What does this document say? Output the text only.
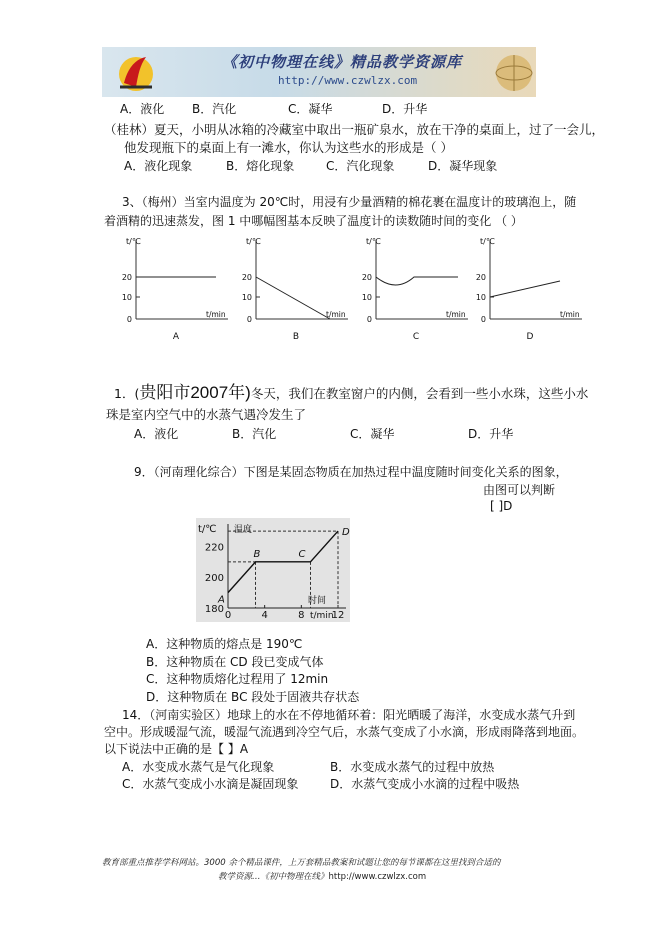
《初中物理在线》精品教学资源库
http://www.czwlzx.com
A．液化 B．汽化	C．凝华	D．升华
（桂林）夏天，小明从冰箱的冷藏室中取出一瓶矿泉水，放在干净的桌面上，过了一会儿，
他发现瓶下的桌面上有一滩水，你认为这些水的形成是（ ）
A．液化现象	B．熔化现象	C．汽化现象	D．凝华现象
3、（梅州）当室内温度为 20℃时，用浸有少量酒精的棉花裹在温度计的玻璃泡上，随
着酒精的迅速蒸发，图 1 中哪幅图基本反映了温度计的读数随时间的变化 （ ）
t/℃
t/min
20
10
0
A
t/℃
t/min
20
10
0
B
t/℃
t/min
20
10
0
C
t/℃
t/min
20
10
0
D
1．(贵阳市2007年)冬天，我们在教室窗户的内侧，会看到一些小水珠，这些小水
珠是室内空气中的水蒸气遇冷发生了
A．液化	B．汽化	C．凝华	D．升华
9．（河南理化综合）下图是某固态物质在加热过程中温度随时间变化关系的图象，
由图可以判断
[ ]D
t/℃ 温度
时间
t/min
180
200
220
0	4	8	12
A
B	C
D
A．这种物质的熔点是 190℃
B．这种物质在 CD 段已变成气体
C．这种物质熔化过程用了 12min
D．这种物质在 BC 段处于固液共存状态
14．（河南实验区）地球上的水在不停地循环着：阳光晒暖了海洋，水变成水蒸气升到
空中。形成暖湿气流，暖湿气流遇到冷空气后，水蒸气变成了小水滴，形成雨降落到地面。
以下说法中正确的是【 】A
A．水变成水蒸气是气化现象	B．水变成水蒸气的过程中放热
C．水蒸气变成小水滴是凝固现象	D．水蒸气变成小水滴的过程中吸热
教育部重点推荐学科网站。3000 余个精品课件，上万套精品教案和试题让您的每节课都在这里找到合适的
教学资源…《初中物理在线》http://www.czwlzx.com
